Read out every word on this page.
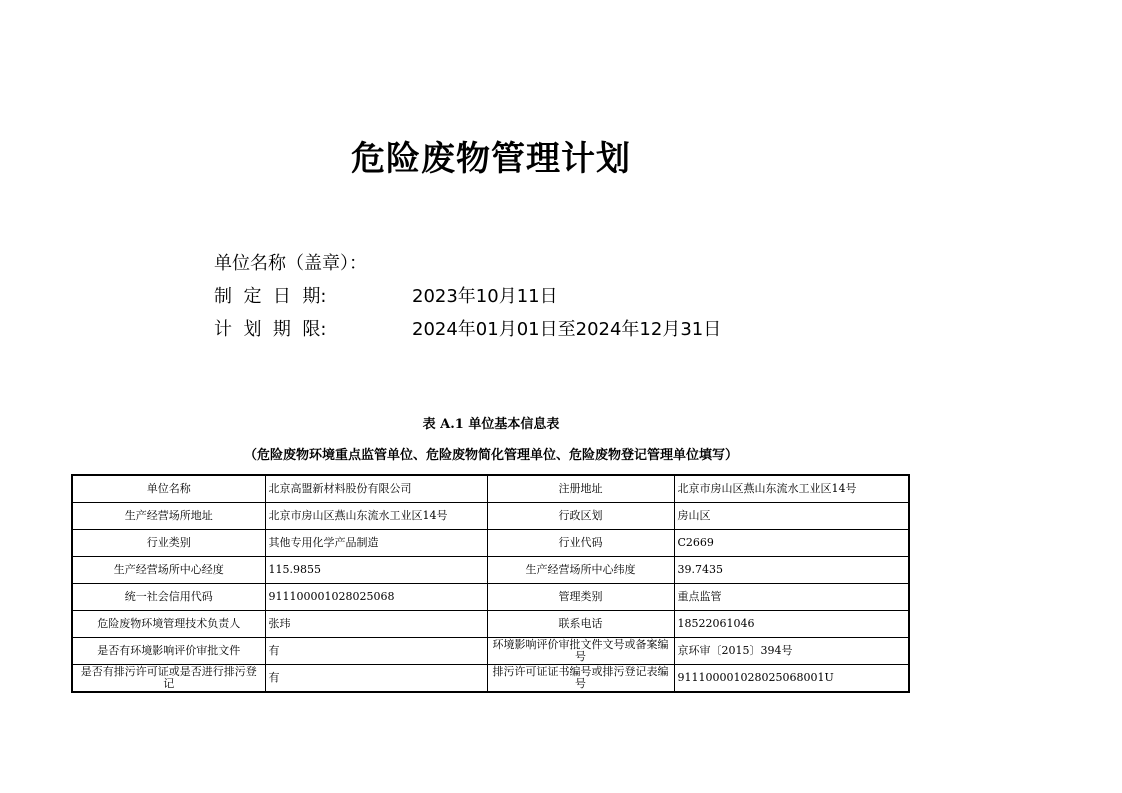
危险废物管理计划
单位名称（盖章）：
制  定  日  期:	2023年10月11日
计  划  期  限:	2024年01月01日至2024年12月31日
表 A.1 单位基本信息表
（危险废物环境重点监管单位、危险废物简化管理单位、危险废物登记管理单位填写）
单位名称	北京高盟新材料股份有限公司	注册地址	北京市房山区燕山东流水工业区14号
生产经营场所地址	北京市房山区燕山东流水工业区14号	行政区划	房山区
行业类别	其他专用化学产品制造	行业代码	C2669
生产经营场所中心经度	115.9855	生产经营场所中心纬度	39.7435
统一社会信用代码	911100001028025068	管理类别	重点监管
危险废物环境管理技术负责人	张玮	联系电话	18522061046
是否有环境影响评价审批文件	有	环境影响评价审批文件文号或备案编号	京环审〔2015〕394号
是否有排污许可证或是否进行排污登记	有	排污许可证证书编号或排污登记表编号	911100001028025068001U
